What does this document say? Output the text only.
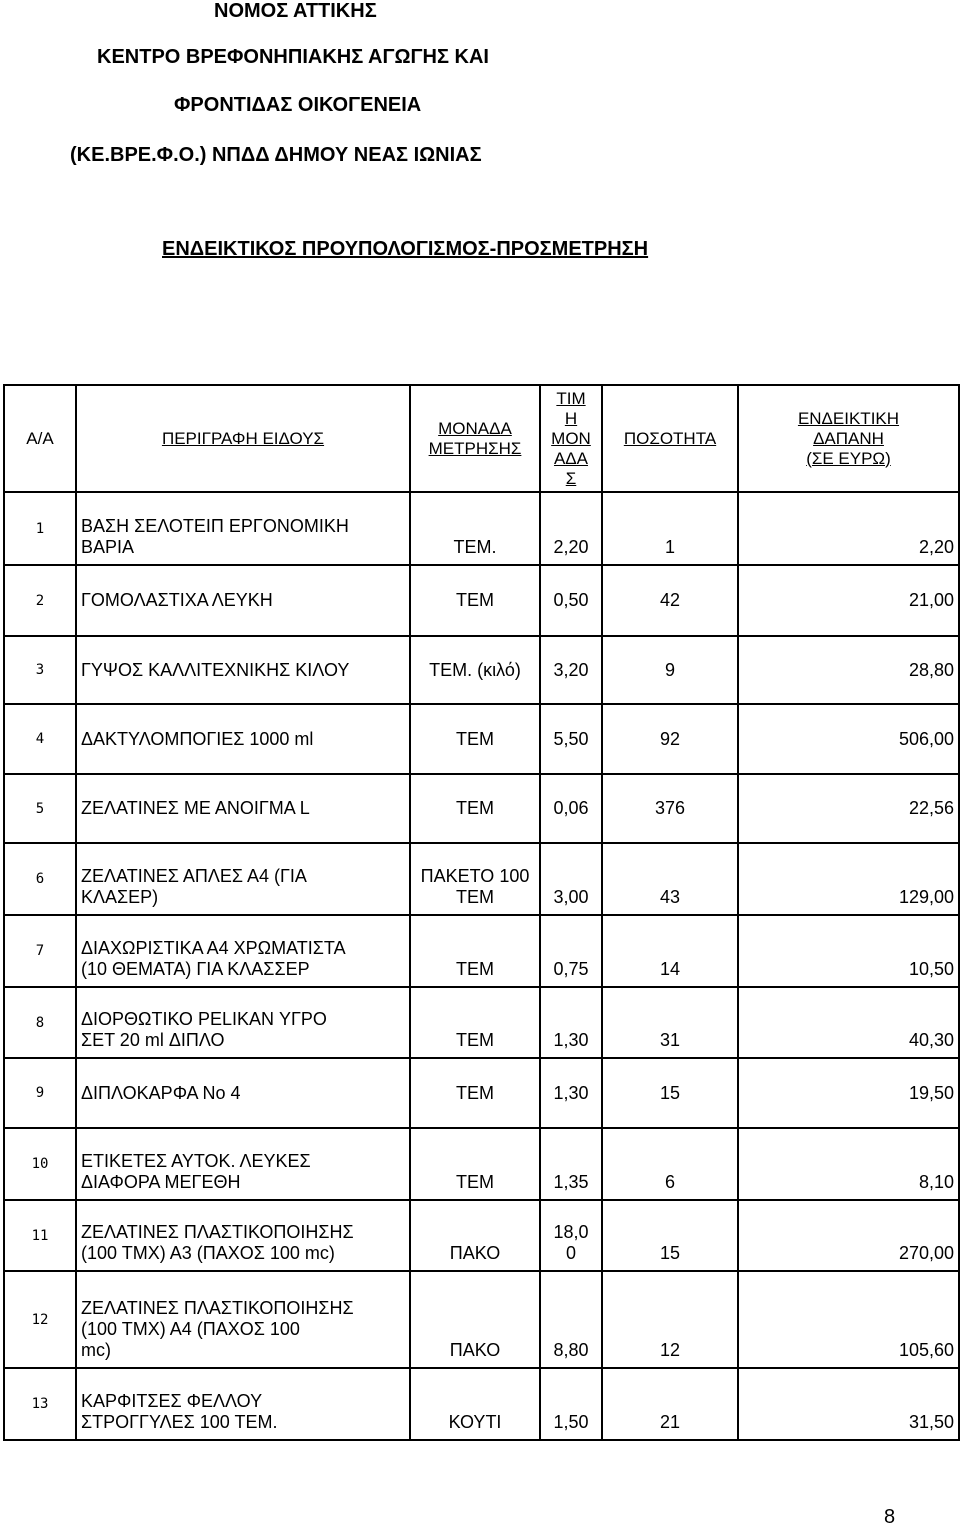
ΝΟΜΟΣ ΑΤΤΙΚΗΣ
ΚΕΝΤΡΟ ΒΡΕΦΟΝΗΠΙΑΚΗΣ ΑΓΩΓΗΣ ΚΑΙ
ΦΡΟΝΤΙΔΑΣ ΟΙΚΟΓΕΝΕΙΑ
(ΚΕ.ΒΡΕ.Φ.Ο.) ΝΠΔΔ ΔΗΜΟΥ ΝΕΑΣ ΙΩΝΙΑΣ
ΕΝΔΕΙΚΤΙΚΟΣ ΠΡΟΥΠΟΛΟΓΙΣΜΟΣ-ΠΡΟΣΜΕΤΡΗΣΗ
Α/Α	ΠΕΡΙΓΡΑΦΗ ΕΙΔΟΥΣ	ΜΟΝΑΔΑ
ΜΕΤΡΗΣΗΣ	ΤΙΜ
Η
ΜΟΝ
ΑΔΑ
Σ	ΠΟΣΟΤΗΤΑ	ΕΝΔΕΙΚΤΙΚΗ
ΔΑΠΑΝΗ
(ΣΕ ΕΥΡΩ)
1	ΒΑΣΗ ΣΕΛΟΤΕΙΠ ΕΡΓΟΝΟΜΙΚΗ
ΒΑΡΙΑ	ΤΕΜ.	2,20	1	2,20
2	ΓΟΜΟΛΑΣΤΙΧΑ ΛΕΥΚΗ	ΤΕΜ	0,50	42	21,00
3	ΓΥΨΟΣ ΚΑΛΛΙΤΕΧΝΙΚΗΣ ΚΙΛΟΥ	ΤΕΜ. (κιλό)	3,20	9	28,80
4	ΔΑΚΤΥΛΟΜΠΟΓΙΕΣ 1000 ml	ΤΕΜ	5,50	92	506,00
5	ΖΕΛΑΤΙΝΕΣ ΜΕ ΑΝΟΙΓΜΑ L	ΤΕΜ	0,06	376	22,56
6	ΖΕΛΑΤΙΝΕΣ ΑΠΛΕΣ Α4 (ΓΙΑ
ΚΛΑΣΕΡ)	ΠΑΚΕΤΟ 100
ΤΕΜ	3,00	43	129,00
7	ΔΙΑΧΩΡΙΣΤΙΚΑ Α4 ΧΡΩΜΑΤΙΣΤΑ
(10 ΘΕΜΑΤΑ) ΓΙΑ ΚΛΑΣΣΕΡ	ΤΕΜ	0,75	14	10,50
8	ΔΙΟΡΘΩΤΙΚΟ PELIKAN ΥΓΡΟ
ΣΕΤ 20 ml ΔΙΠΛΟ	ΤΕΜ	1,30	31	40,30
9	ΔΙΠΛΟΚΑΡΦΑ No 4	ΤΕΜ	1,30	15	19,50
10	ΕΤΙΚΕΤΕΣ ΑΥΤΟΚ. ΛΕΥΚΕΣ
ΔΙΑΦΟΡΑ ΜΕΓΕΘΗ	ΤΕΜ	1,35	6	8,10
11	ΖΕΛΑΤΙΝΕΣ ΠΛΑΣΤΙΚΟΠΟΙΗΣΗΣ
(100 ΤΜΧ) Α3 (ΠΑΧΟΣ 100 mc)	ΠΑΚΟ	18,0
0	15	270,00
12	ΖΕΛΑΤΙΝΕΣ ΠΛΑΣΤΙΚΟΠΟΙΗΣΗΣ
(100 ΤΜΧ) Α4 (ΠΑΧΟΣ 100
mc)	ΠΑΚΟ	8,80	12	105,60
13	ΚΑΡΦΙΤΣΕΣ ΦΕΛΛΟΥ
ΣΤΡΟΓΓΥΛΕΣ 100 ΤΕΜ.	ΚΟΥΤΙ	1,50	21	31,50
8
